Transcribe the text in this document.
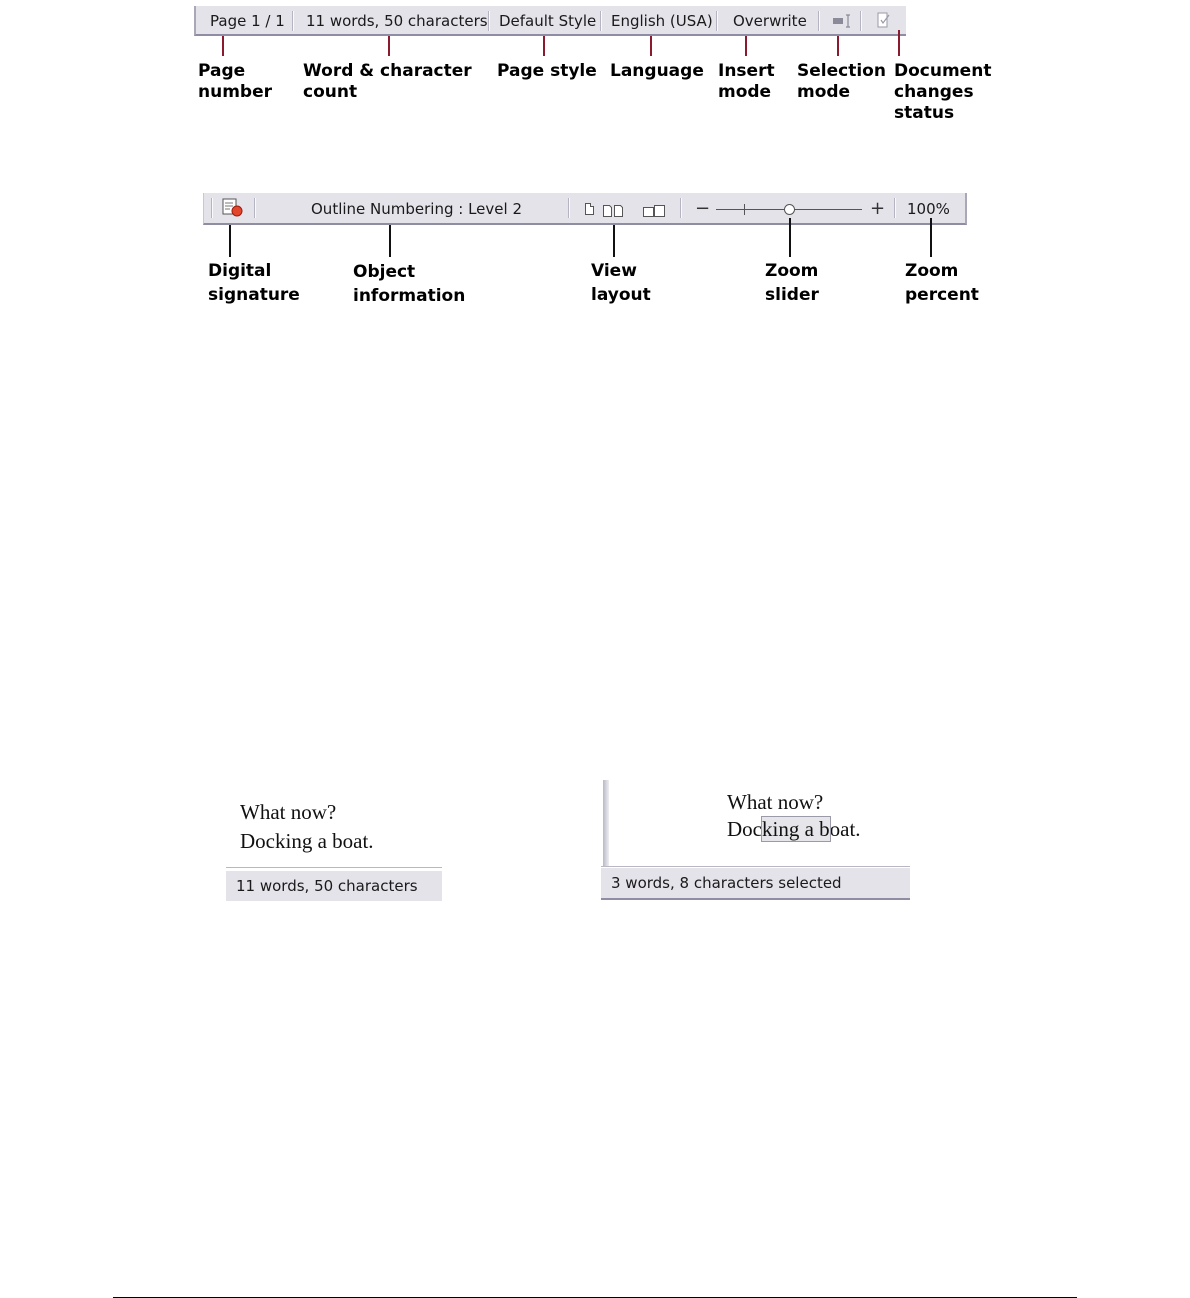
Page 1 / 1 11 words, 50 characters Default Style English (USA) Overwrite
Page
number
Word & character
count
Page style Language Insert
mode
Selection
mode
Document
changes
status
Outline Numbering : Level 2	−	+ 100%
Digital
signature
Object
information
View
layout
Zoom
slider
Zoom
percent
What now?
Docking a boat.
11 words, 50 characters
What now?
Docking a boat.
3 words, 8 characters selected
